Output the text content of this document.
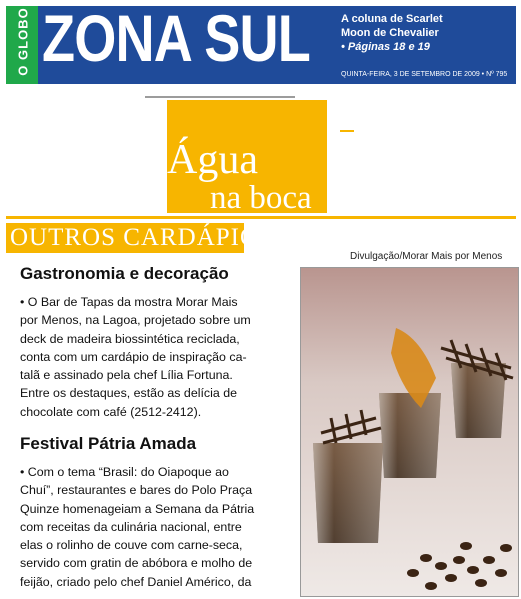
O GLOBO ZONA SUL	A coluna de Scarlet
Moon de Chevalier
• Páginas 18 e 19
QUINTA-FEIRA, 3 DE SETEMBRO DE 2009 • Nº 795
Água
na boca
OUTROS CARDÁPIOS
Divulgação/Morar Mais por Menos
Gastronomia e decoração
• O Bar de Tapas da mostra Morar Mais
por Menos, na Lagoa, projetado sobre um
deck de madeira biossintética reciclada,
conta com um cardápio de inspiração ca-
talã e assinado pela chef Lília Fortuna.
Entre os destaques, estão as delícia de
chocolate com café (2512-2412).
Festival Pátria Amada
• Com o tema “Brasil: do Oiapoque ao
Chuí”, restaurantes e bares do Polo Praça
Quinze homenageiam a Semana da Pátria
com receitas da culinária nacional, entre
elas o rolinho de couve com carne-seca,
servido com gratin de abóbora e molho de
feijão, criado pelo chef Daniel Américo, da
